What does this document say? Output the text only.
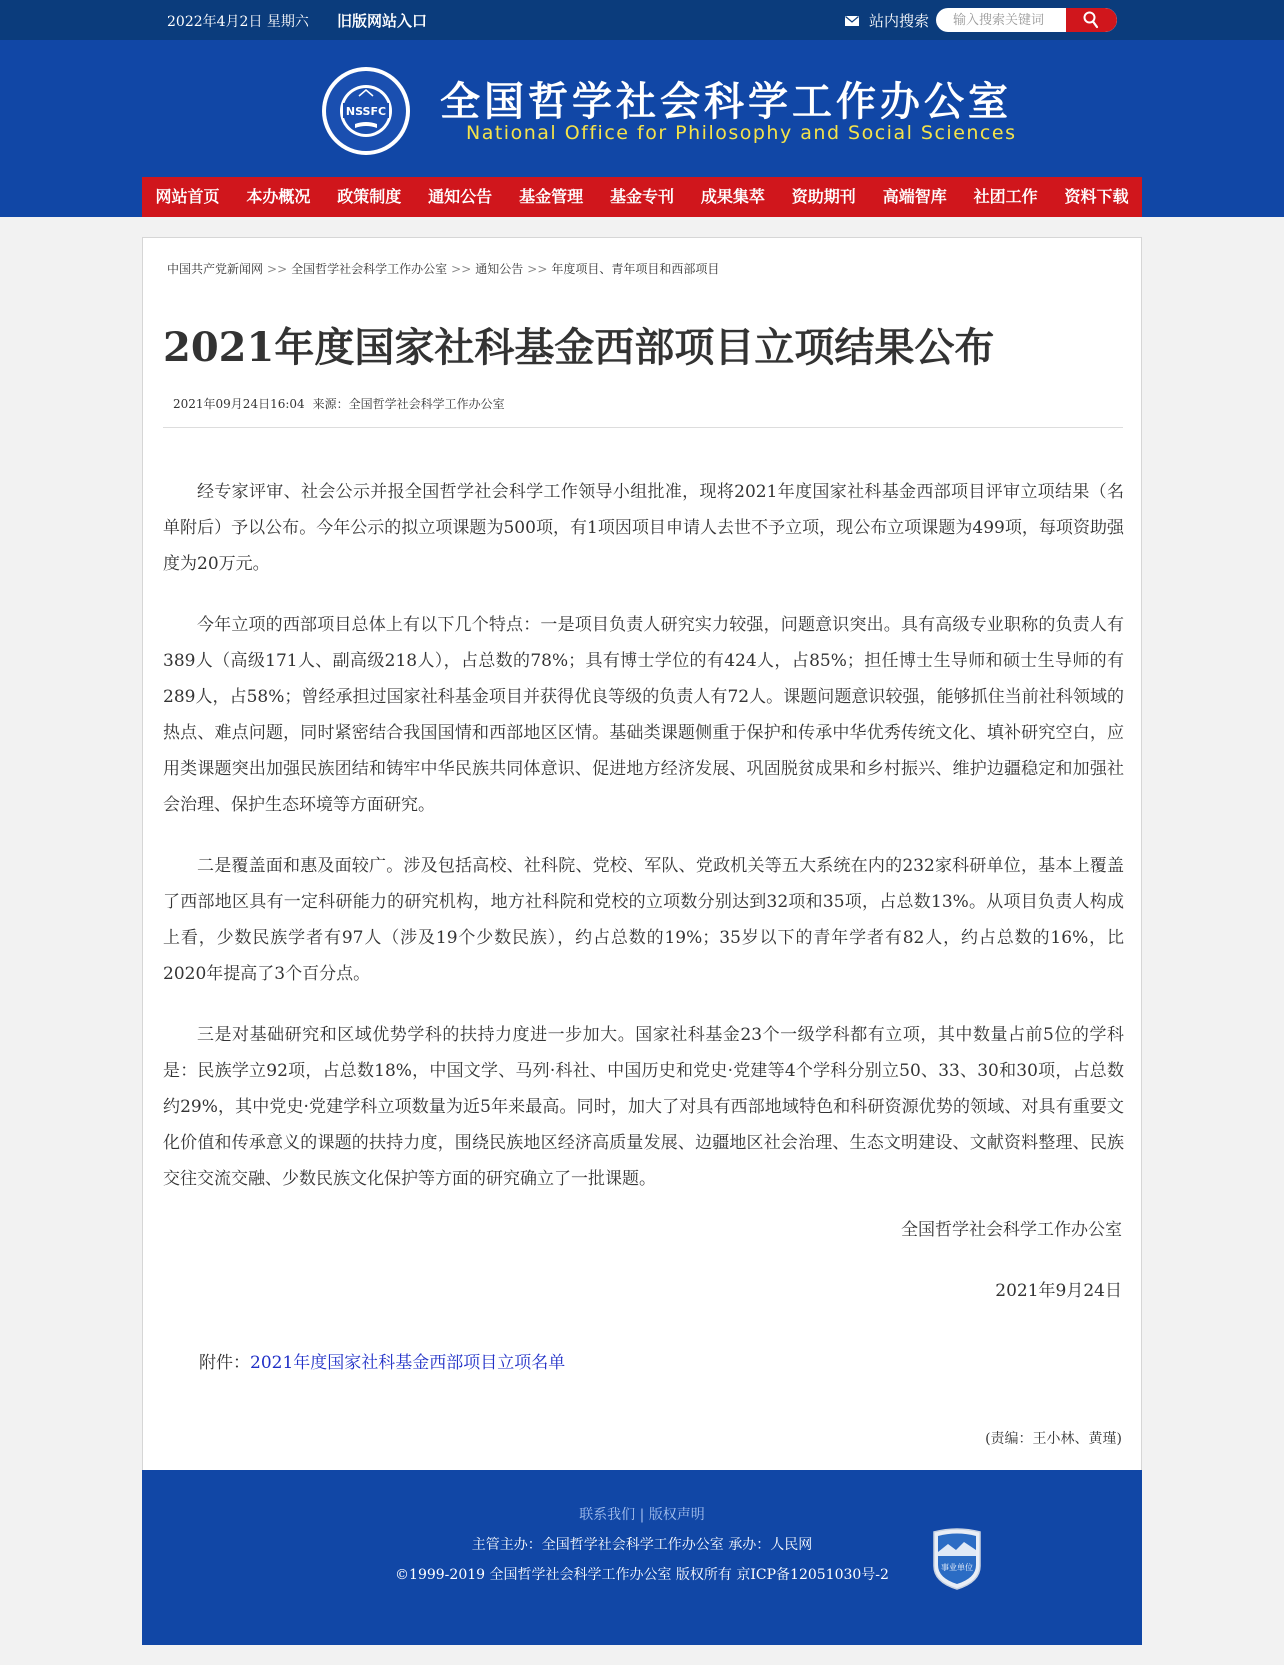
2022年4月2日 星期六 旧版网站入口	站内搜索
输入搜索关键词
NSSFC 全国哲学社会科学工作办公室
National Office for Philosophy and Social Sciences
网站首页	本办概况	政策制度	通知公告	基金管理	基金专刊	成果集萃	资助期刊	高端智库	社团工作	资料下载
中国共产党新闻网 >> 全国哲学社会科学工作办公室 >> 通知公告 >> 年度项目、青年项目和西部项目
2021年度国家社科基金西部项目立项结果公布
2021年09月24日16:04 来源：全国哲学社会科学工作办公室

经专家评审、社会公示并报全国哲学社会科学工作领导小组批准，现将2021年度国家社科基金西部项目评审立项结果（名单附后）予以公布。今年公示的拟立项课题为500项，有1项因项目申请人去世不予立项，现公布立项课题为499项，每项资助强度为20万元。

今年立项的西部项目总体上有以下几个特点：一是项目负责人研究实力较强，问题意识突出。具有高级专业职称的负责人有389人（高级171人、副高级218人），占总数的78%；具有博士学位的有424人，占85%；担任博士生导师和硕士生导师的有289人，占58%；曾经承担过国家社科基金项目并获得优良等级的负责人有72人。课题问题意识较强，能够抓住当前社科领域的热点、难点问题，同时紧密结合我国国情和西部地区区情。基础类课题侧重于保护和传承中华优秀传统文化、填补研究空白，应用类课题突出加强民族团结和铸牢中华民族共同体意识、促进地方经济发展、巩固脱贫成果和乡村振兴、维护边疆稳定和加强社会治理、保护生态环境等方面研究。

二是覆盖面和惠及面较广。涉及包括高校、社科院、党校、军队、党政机关等五大系统在内的232家科研单位，基本上覆盖了西部地区具有一定科研能力的研究机构，地方社科院和党校的立项数分别达到32项和35项，占总数13%。从项目负责人构成上看，少数民族学者有97人（涉及19个少数民族），约占总数的19%；35岁以下的青年学者有82人，约占总数的16%，比2020年提高了3个百分点。

三是对基础研究和区域优势学科的扶持力度进一步加大。国家社科基金23个一级学科都有立项，其中数量占前5位的学科是：民族学立92项，占总数18%，中国文学、马列·科社、中国历史和党史·党建等4个学科分别立50、33、30和30项，占总数约29%，其中党史·党建学科立项数量为近5年来最高。同时，加大了对具有西部地域特色和科研资源优势的领域、对具有重要文化价值和传承意义的课题的扶持力度，围绕民族地区经济高质量发展、边疆地区社会治理、生态文明建设、文献资料整理、民族交往交流交融、少数民族文化保护等方面的研究确立了一批课题。

全国哲学社会科学工作办公室
2021年9月24日
附件：2021年度国家社科基金西部项目立项名单
(责编：王小林、黄瑾)
联系我们 | 版权声明
主管主办：全国哲学社会科学工作办公室 承办：人民网
©1999-2019 全国哲学社会科学工作办公室 版权所有 京ICP备12051030号-2	事业单位
